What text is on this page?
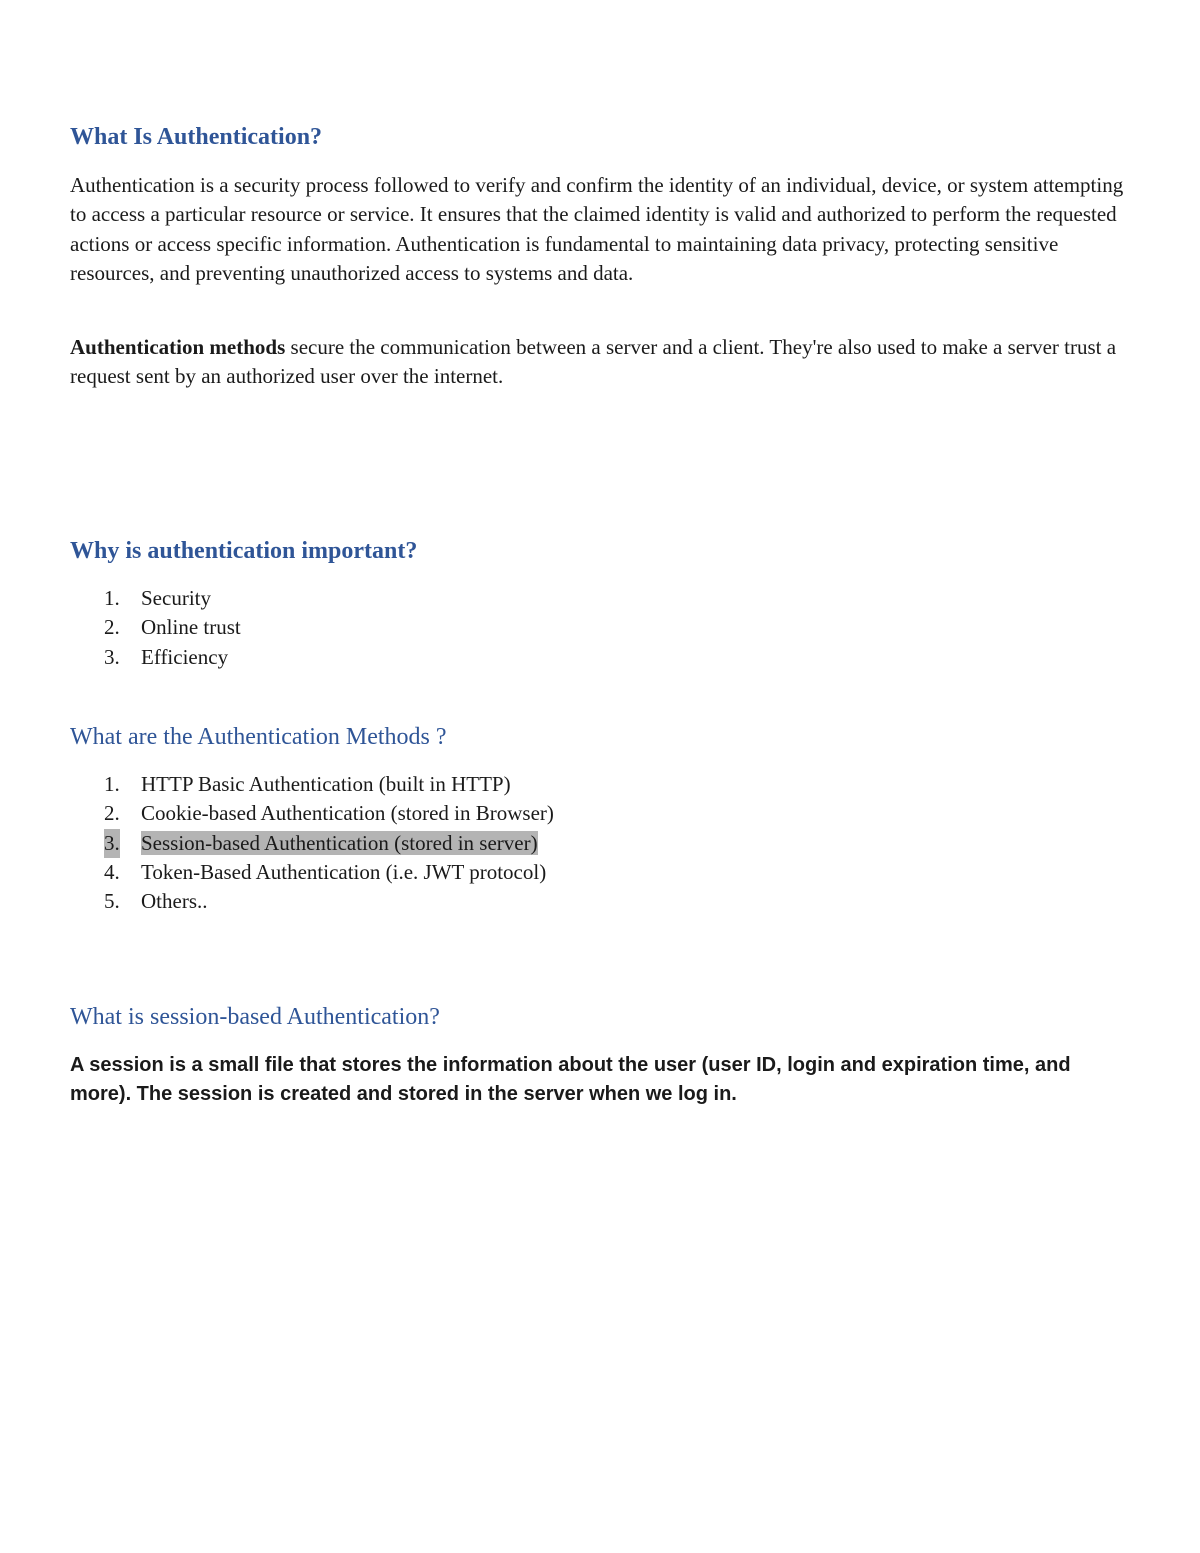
What Is Authentication?

Authentication is a security process followed to verify and confirm the identity of an individual, device, or system attempting to access a particular resource or service. It ensures that the claimed identity is valid and authorized to perform the requested actions or access specific information. Authentication is fundamental to maintaining data privacy, protecting sensitive resources, and preventing unauthorized access to systems and data.

Authentication methods secure the communication between a server and a client. They're also used to make a server trust a request sent by an authorized user over the internet.

Why is authentication important?
1. Security
2. Online trust
3. Efficiency
What are the Authentication Methods ?
1. HTTP Basic Authentication (built in HTTP)
2. Cookie-based Authentication (stored in Browser)
3. Session-based Authentication (stored in server)
4. Token-Based Authentication (i.e. JWT protocol)
5. Others..
What is session-based Authentication?

A session is a small file that stores the information about the user (user ID, login and expiration time, and more). The session is created and stored in the server when we log in.
